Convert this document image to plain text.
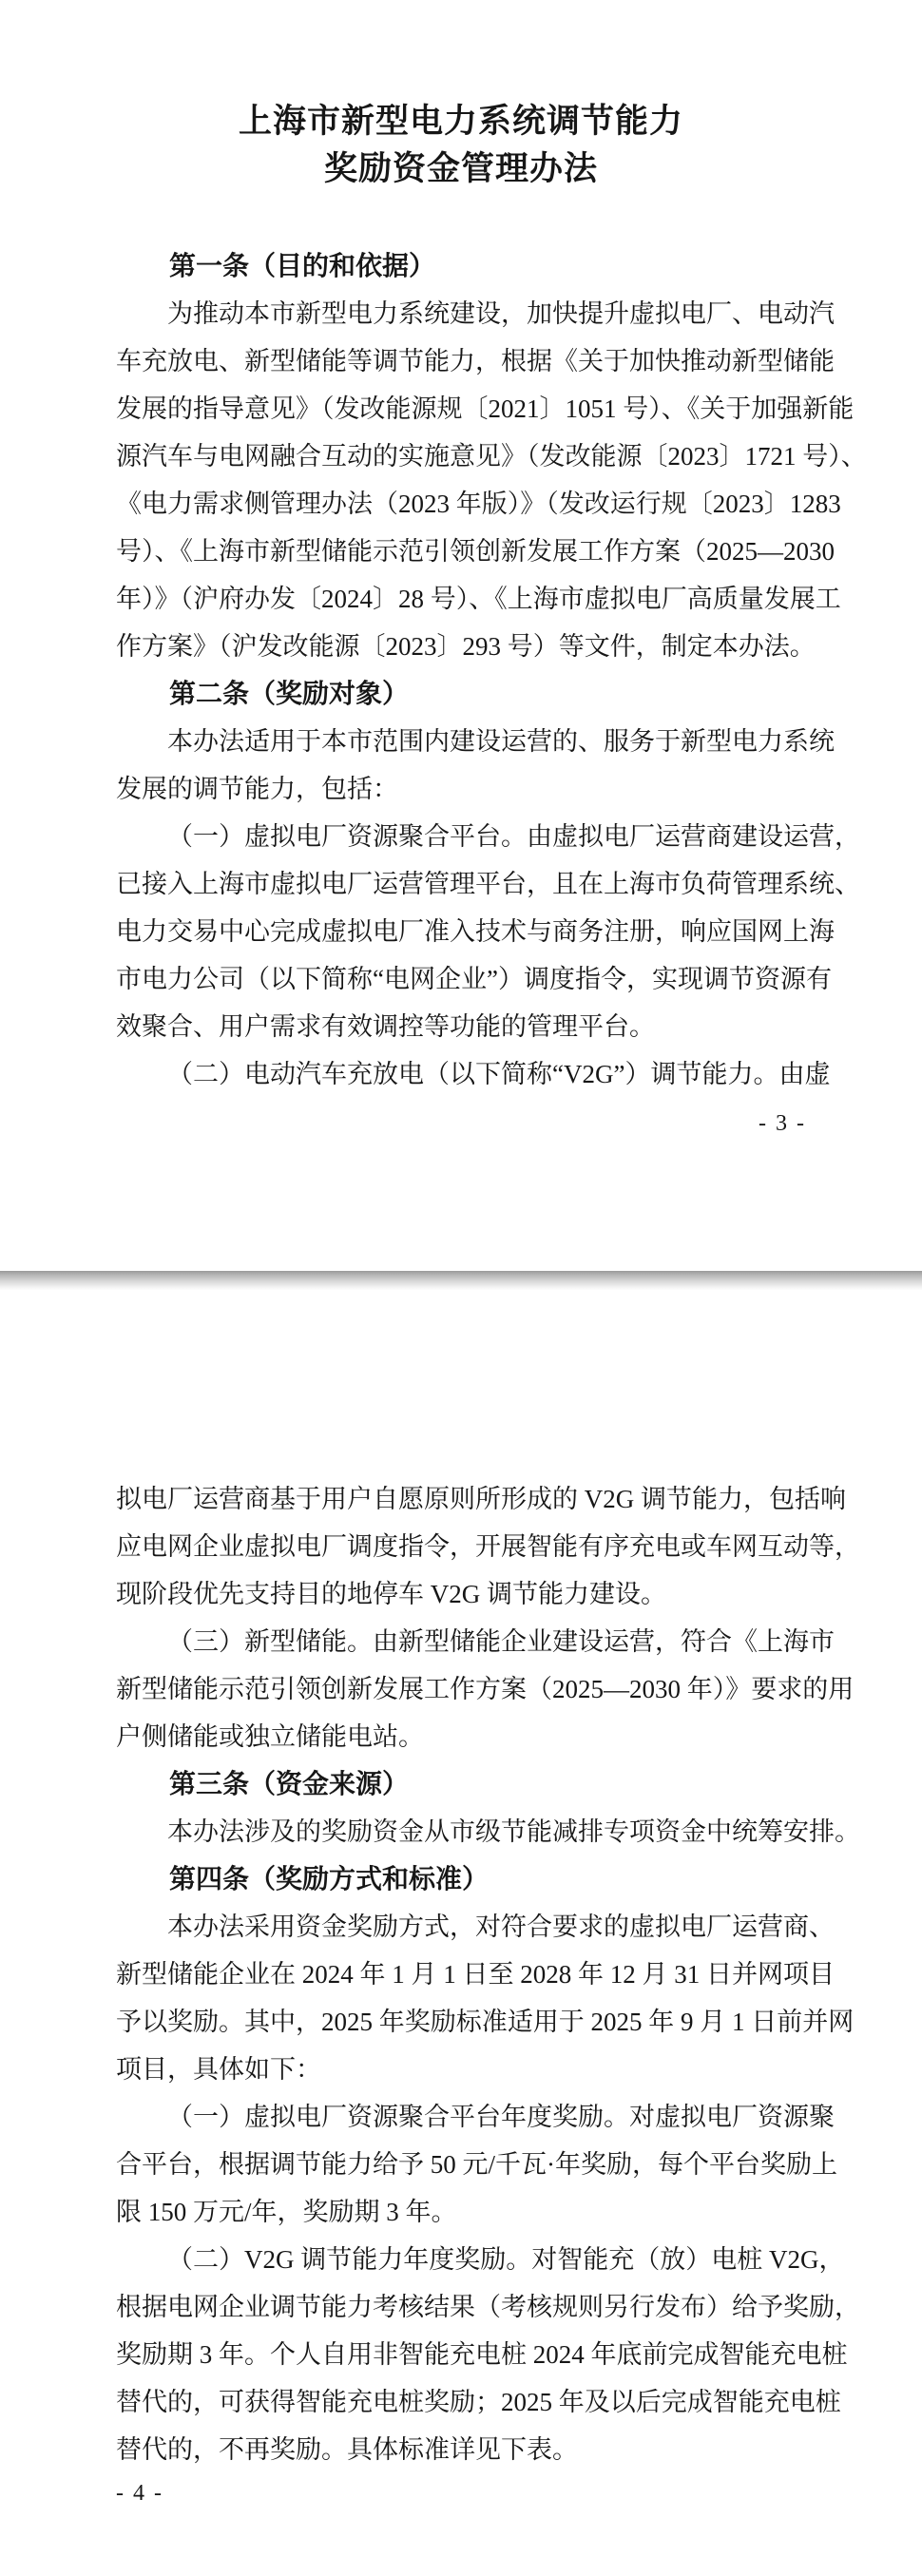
上海市新型电力系统调节能力
奖励资金管理办法
第一条（目的和依据）
为推动本市新型电力系统建设，加快提升虚拟电厂、电动汽
车充放电、新型储能等调节能力，根据《关于加快推动新型储能
发展的指导意见》（发改能源规〔2021〕1051 号）、《关于加强新能
源汽车与电网融合互动的实施意见》（发改能源〔2023〕1721 号）、
《电力需求侧管理办法（2023 年版）》（发改运行规〔2023〕1283
号）、《上海市新型储能示范引领创新发展工作方案（2025—2030
年）》（沪府办发〔2024〕28 号）、《上海市虚拟电厂高质量发展工
作方案》（沪发改能源〔2023〕293 号）等文件，制定本办法。
第二条（奖励对象）
本办法适用于本市范围内建设运营的、服务于新型电力系统
发展的调节能力，包括：
（一）虚拟电厂资源聚合平台。由虚拟电厂运营商建设运营，
已接入上海市虚拟电厂运营管理平台，且在上海市负荷管理系统、
电力交易中心完成虚拟电厂准入技术与商务注册，响应国网上海
市电力公司（以下简称“电网企业”）调度指令，实现调节资源有
效聚合、用户需求有效调控等功能的管理平台。
（二）电动汽车充放电（以下简称“V2G”）调节能力。由虚
- 3 -
拟电厂运营商基于用户自愿原则所形成的 V2G 调节能力，包括响
应电网企业虚拟电厂调度指令，开展智能有序充电或车网互动等，
现阶段优先支持目的地停车 V2G 调节能力建设。
（三）新型储能。由新型储能企业建设运营，符合《上海市
新型储能示范引领创新发展工作方案（2025—2030 年）》要求的用
户侧储能或独立储能电站。
第三条（资金来源）
本办法涉及的奖励资金从市级节能减排专项资金中统筹安排。
第四条（奖励方式和标准）
本办法采用资金奖励方式，对符合要求的虚拟电厂运营商、
新型储能企业在 2024 年 1 月 1 日至 2028 年 12 月 31 日并网项目
予以奖励。其中，2025 年奖励标准适用于 2025 年 9 月 1 日前并网
项目，具体如下：
（一）虚拟电厂资源聚合平台年度奖励。对虚拟电厂资源聚
合平台，根据调节能力给予 50 元/千瓦·年奖励，每个平台奖励上
限 150 万元/年，奖励期 3 年。
（二）V2G 调节能力年度奖励。对智能充（放）电桩 V2G，
根据电网企业调节能力考核结果（考核规则另行发布）给予奖励，
奖励期 3 年。个人自用非智能充电桩 2024 年底前完成智能充电桩
替代的，可获得智能充电桩奖励；2025 年及以后完成智能充电桩
替代的，不再奖励。具体标准详见下表。
- 4 -
